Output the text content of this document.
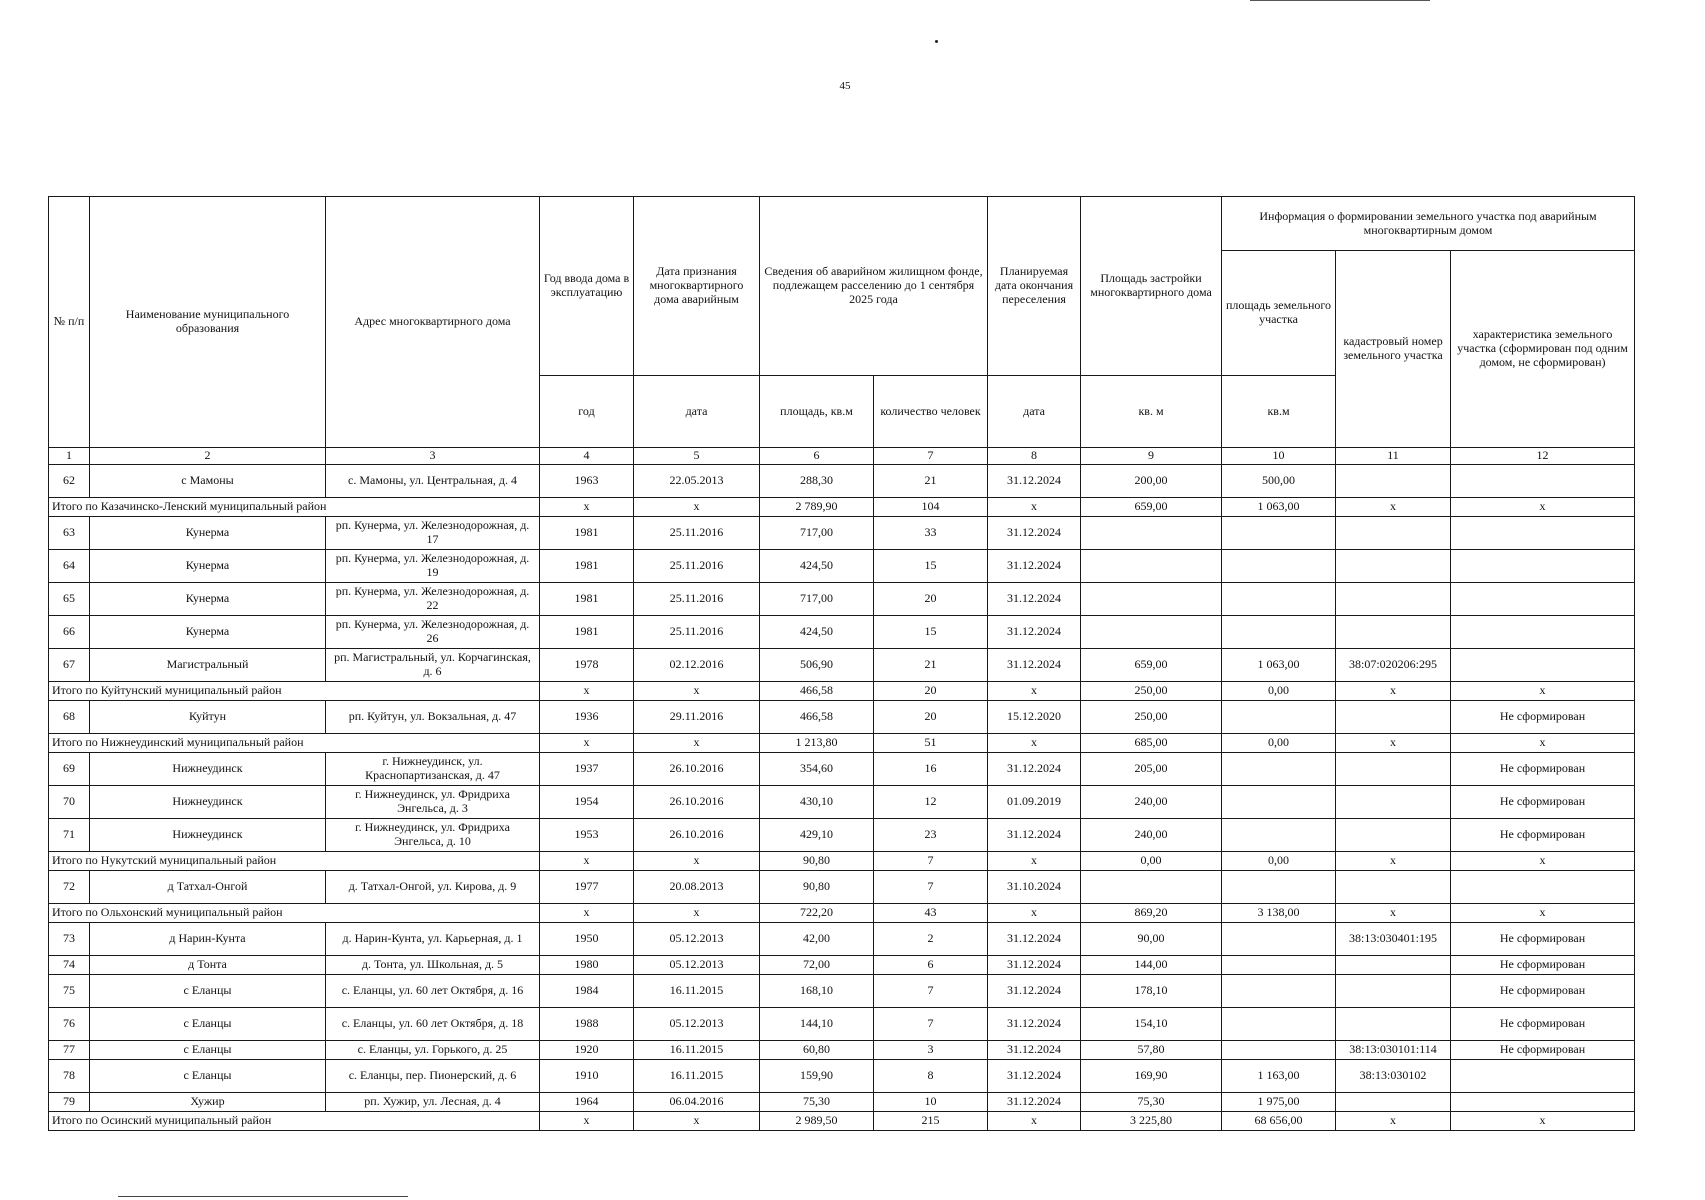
45
№ п/п	Наименование муниципального образования	Адрес многоквартирного дома	Год ввода дома в эксплуатацию	Дата признания многоквартирного дома аварийным	Сведения об аварийном жилищном фонде, подлежащем расселению до 1 сентября 2025 года		Планируемая дата окончания переселения	Площадь застройки многоквартирного дома	Информация о формировании земельного участка под аварийным многоквартирным домом		
									площадь земельного участка	кадастровый номер земельного участка	характеристика земельного участка (сформирован под одним домом, не сформирован)
			год	дата	площадь, кв.м	количество человек	дата	кв. м	кв.м		
1	2	3	4	5	6	7	8	9	10	11	12
62	с Мамоны	с. Мамоны, ул. Центральная, д. 4	1963	22.05.2013	288,30	21	31.12.2024	200,00	500,00		
Итого по Казачинско-Ленский муниципальный район			x	x	2 789,90	104	x	659,00	1 063,00	x	x
63	Кунерма	рп. Кунерма, ул. Железнодорожная, д. 17	1981	25.11.2016	717,00	33	31.12.2024				
64	Кунерма	рп. Кунерма, ул. Железнодорожная, д. 19	1981	25.11.2016	424,50	15	31.12.2024				
65	Кунерма	рп. Кунерма, ул. Железнодорожная, д. 22	1981	25.11.2016	717,00	20	31.12.2024				
66	Кунерма	рп. Кунерма, ул. Железнодорожная, д. 26	1981	25.11.2016	424,50	15	31.12.2024				
67	Магистральный	рп. Магистральный, ул. Корчагинская, д. 6	1978	02.12.2016	506,90	21	31.12.2024	659,00	1 063,00	38:07:020206:295	
Итого по Куйтунский муниципальный район			x	x	466,58	20	x	250,00	0,00	x	x
68	Куйтун	рп. Куйтун, ул. Вокзальная, д. 47	1936	29.11.2016	466,58	20	15.12.2020	250,00			Не сформирован
Итого по Нижнеудинский муниципальный район			x	x	1 213,80	51	x	685,00	0,00	x	x
69	Нижнеудинск	г. Нижнеудинск, ул. Краснопартизанская, д. 47	1937	26.10.2016	354,60	16	31.12.2024	205,00			Не сформирован
70	Нижнеудинск	г. Нижнеудинск, ул. Фридриха Энгельса, д. 3	1954	26.10.2016	430,10	12	01.09.2019	240,00			Не сформирован
71	Нижнеудинск	г. Нижнеудинск, ул. Фридриха Энгельса, д. 10	1953	26.10.2016	429,10	23	31.12.2024	240,00			Не сформирован
Итого по Нукутский муниципальный район			x	x	90,80	7	x	0,00	0,00	x	x
72	д Татхал-Онгой	д. Татхал-Онгой, ул. Кирова, д. 9	1977	20.08.2013	90,80	7	31.10.2024				
Итого по Ольхонский муниципальный район			x	x	722,20	43	x	869,20	3 138,00	x	x
73	д Нарин-Кунта	д. Нарин-Кунта, ул. Карьерная, д. 1	1950	05.12.2013	42,00	2	31.12.2024	90,00		38:13:030401:195	Не сформирован
74	д Тонта	д. Тонта, ул. Школьная, д. 5	1980	05.12.2013	72,00	6	31.12.2024	144,00			Не сформирован
75	с Еланцы	с. Еланцы, ул. 60 лет Октября, д. 16	1984	16.11.2015	168,10	7	31.12.2024	178,10			Не сформирован
76	с Еланцы	с. Еланцы, ул. 60 лет Октября, д. 18	1988	05.12.2013	144,10	7	31.12.2024	154,10			Не сформирован
77	с Еланцы	с. Еланцы, ул. Горького, д. 25	1920	16.11.2015	60,80	3	31.12.2024	57,80		38:13:030101:114	Не сформирован
78	с Еланцы	с. Еланцы, пер. Пионерский, д. 6	1910	16.11.2015	159,90	8	31.12.2024	169,90	1 163,00	38:13:030102	
79	Хужир	рп. Хужир, ул. Лесная, д. 4	1964	06.04.2016	75,30	10	31.12.2024	75,30	1 975,00		
Итого по Осинский муниципальный район			x	x	2 989,50	215	x	3 225,80	68 656,00	x	x
